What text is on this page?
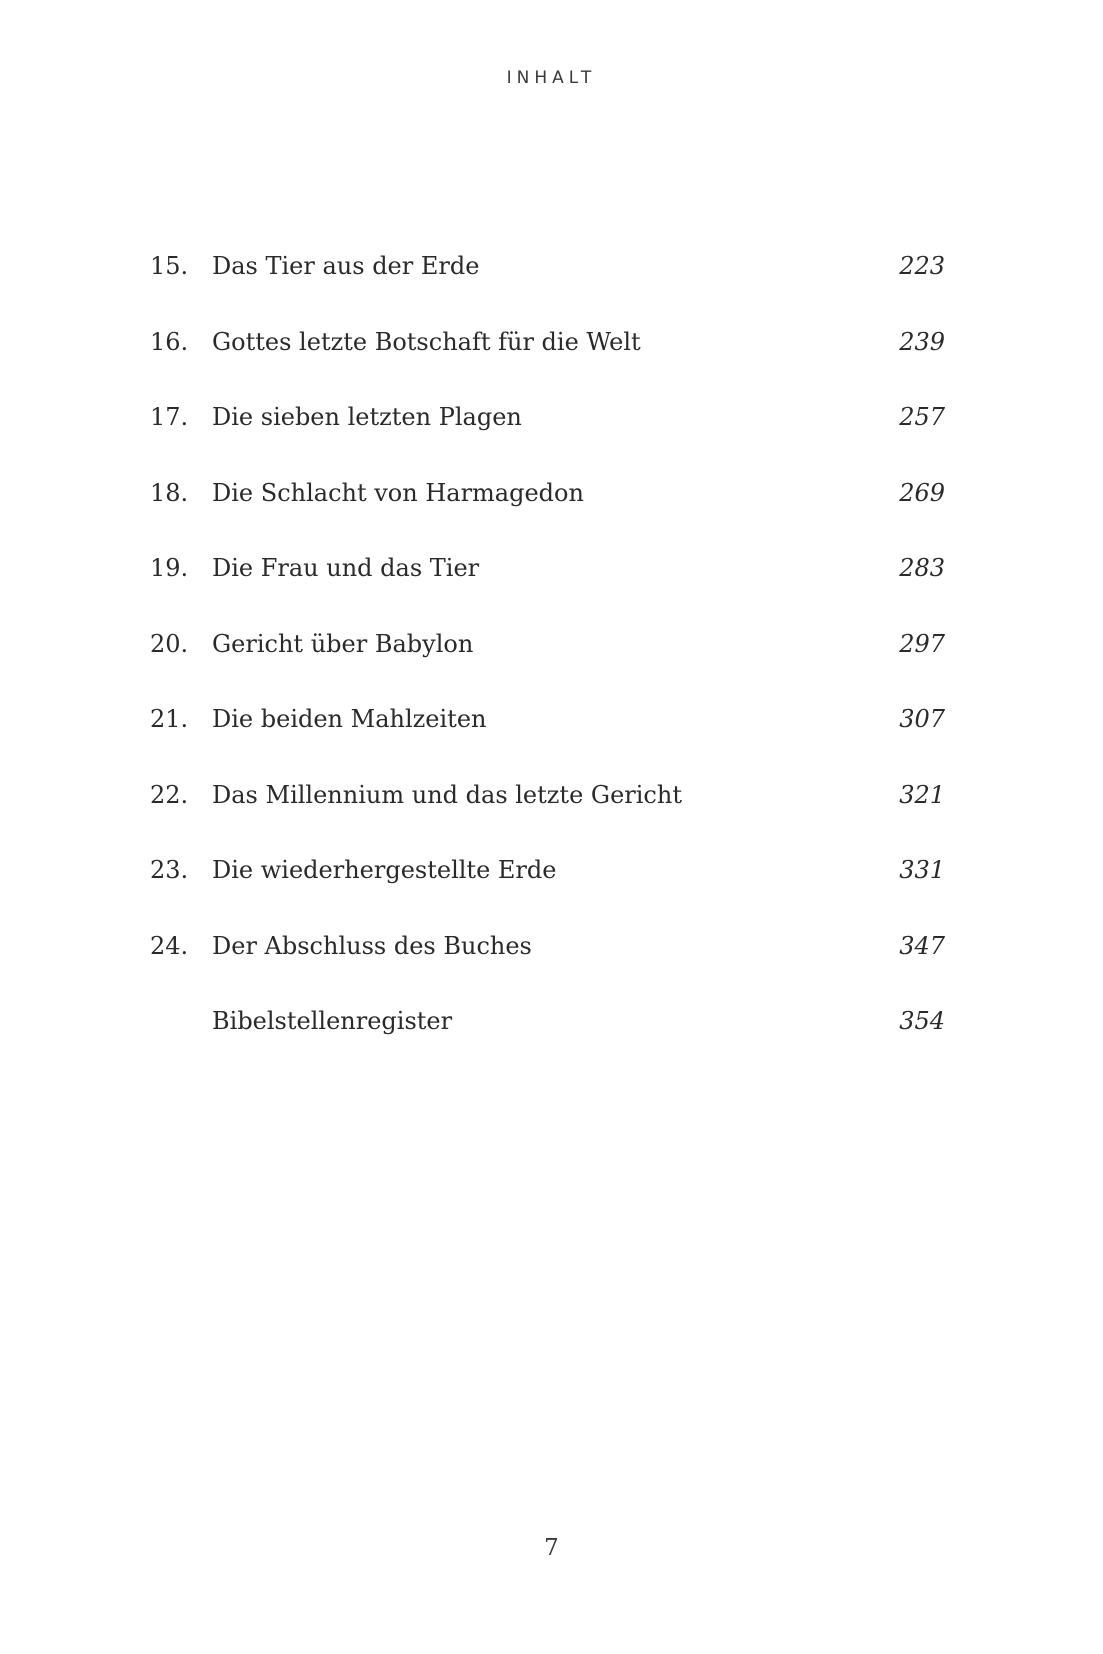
INHALT
15. Das Tier aus der Erde	223
16. Gottes letzte Botschaft für die Welt	239
17. Die sieben letzten Plagen	257
18. Die Schlacht von Harmagedon	269
19. Die Frau und das Tier	283
20. Gericht über Babylon	297
21. Die beiden Mahlzeiten	307
22. Das Millennium und das letzte Gericht	321
23. Die wiederhergestellte Erde	331
24. Der Abschluss des Buches	347
Bibelstellenregister	354
7
